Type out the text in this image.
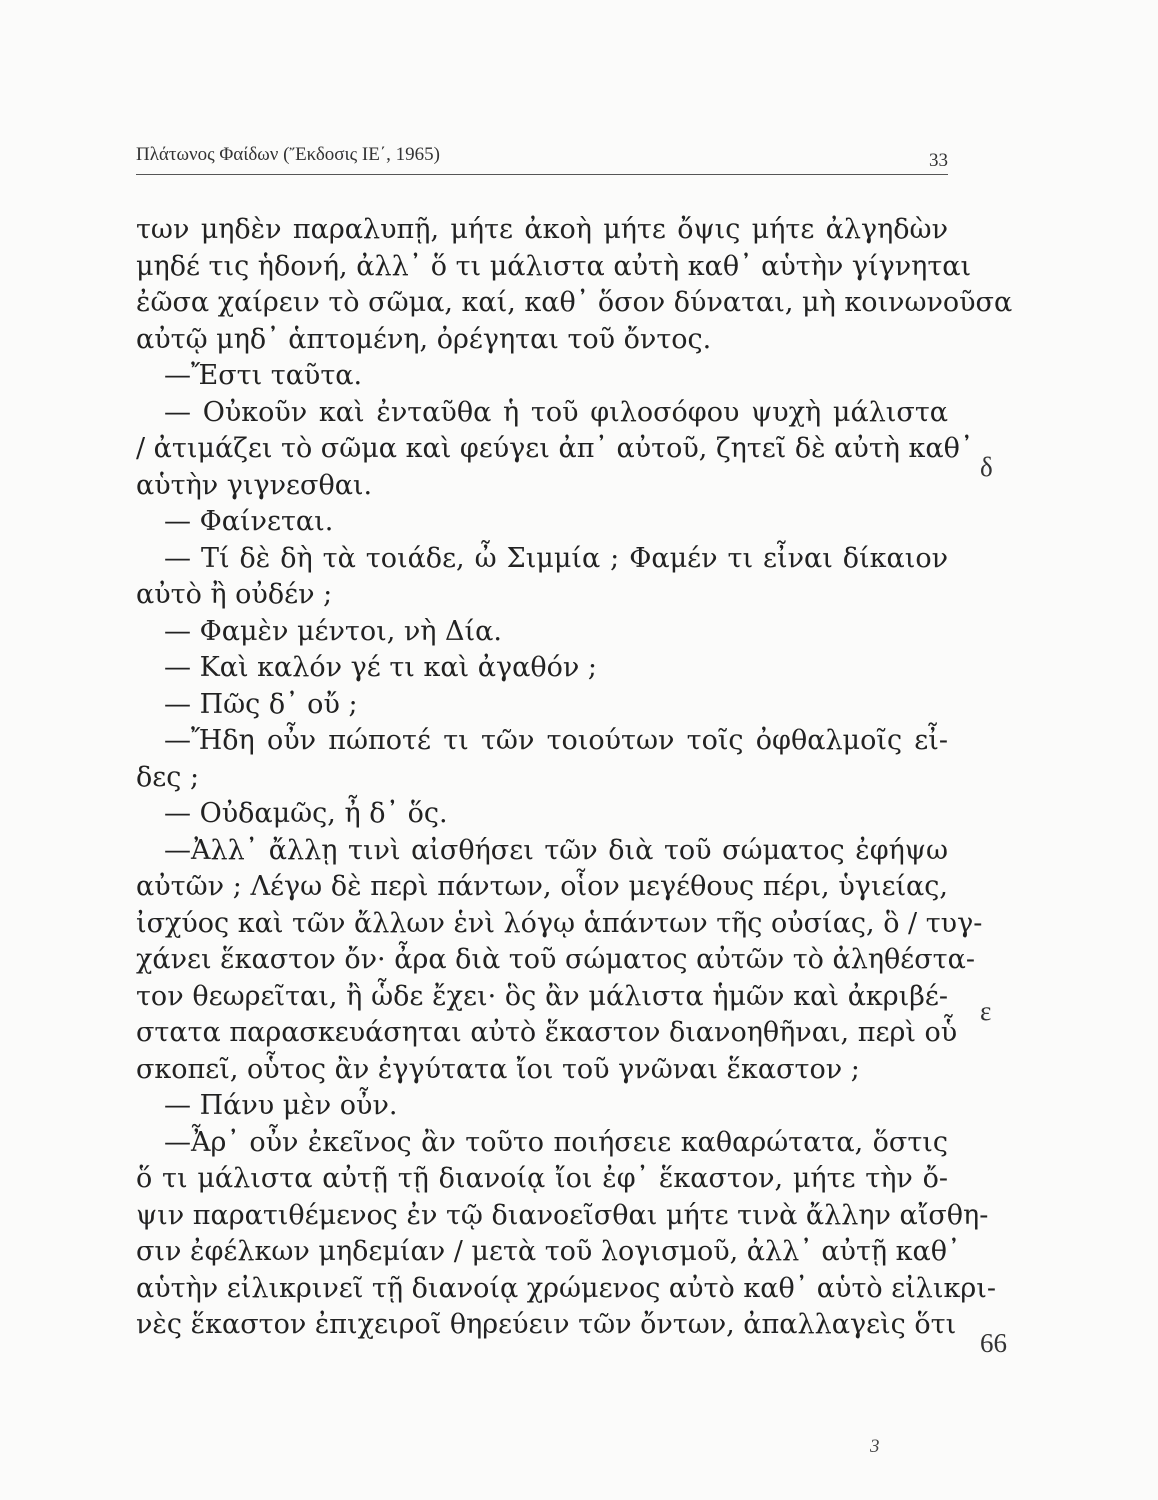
Πλάτωνος Φαίδων (Ἔκδοσις ΙΕ΄, 1965)	33
των μηδὲν παραλυπῇ, μήτε ἀκοὴ μήτε ὄψις μήτε ἀλγηδὼν
μηδέ τις ἡδονή, ἀλλ᾽ ὅ τι μάλιστα αὐτὴ καθ᾽ αὑτὴν γίγνηται
ἐῶσα χαίρειν τὸ σῶμα, καί, καθ᾽ ὅσον δύναται, μὴ κοινωνοῦσα
αὐτῷ μηδ᾽ ἁπτομένη, ὀρέγηται τοῦ ὄντος.
—Ἔστι ταῦτα.
— Οὐκοῦν καὶ ἐνταῦθα ἡ τοῦ φιλοσόφου ψυχὴ μάλιστα
/ ἀτιμάζει τὸ σῶμα καὶ φεύγει ἀπ᾽ αὐτοῦ, ζητεῖ δὲ αὐτὴ καθ᾽
αὑτὴν γιγνεσθαι.
— Φαίνεται.
— Τί δὲ δὴ τὰ τοιάδε, ὦ Σιμμία ; Φαμέν τι εἶναι δίκαιον
αὐτὸ ἢ οὐδέν ;
— Φαμὲν μέντοι, νὴ Δία.
— Καὶ καλόν γέ τι καὶ ἀγαθόν ;
— Πῶς δ᾽ οὔ ;
—Ἤδη οὖν πώποτέ τι τῶν τοιούτων τοῖς ὀφθαλμοῖς εἶ-
δες ;
— Οὐδαμῶς, ἦ δ᾽ ὅς.
—Ἀλλ᾽ ἄλλῃ τινὶ αἰσθήσει τῶν διὰ τοῦ σώματος ἐφήψω
αὐτῶν ; Λέγω δὲ περὶ πάντων, οἷον μεγέθους πέρι, ὑγιείας,
ἰσχύος καὶ τῶν ἄλλων ἑνὶ λόγῳ ἁπάντων τῆς οὐσίας, ὃ / τυγ-
χάνει ἕκαστον ὄν· ἆρα διὰ τοῦ σώματος αὐτῶν τὸ ἀληθέστα-
τον θεωρεῖται, ἢ ὧδε ἔχει· ὃς ἂν μάλιστα ἡμῶν καὶ ἀκριβέ-
στατα παρασκευάσηται αὐτὸ ἕκαστον διανοηθῆναι, περὶ οὗ
σκοπεῖ, οὗτος ἂν ἐγγύτατα ἴοι τοῦ γνῶναι ἕκαστον ;
— Πάνυ μὲν οὖν.
—Ἆρ᾽ οὖν ἐκεῖνος ἂν τοῦτο ποιήσειε καθαρώτατα, ὅστις
ὅ τι μάλιστα αὐτῇ τῇ διανοίᾳ ἴοι ἐφ᾽ ἕκαστον, μήτε τὴν ὄ-
ψιν παρατιθέμενος ἐν τῷ διανοεῖσθαι μήτε τινὰ ἄλλην αἴσθη-
σιν ἐφέλκων μηδεμίαν / μετὰ τοῦ λογισμοῦ, ἀλλ᾽ αὐτῇ καθ᾽
αὑτὴν εἰλικρινεῖ τῇ διανοίᾳ χρώμενος αὐτὸ καθ᾽ αὑτὸ εἰλικρι-
νὲς ἕκαστον ἐπιχειροῖ θηρεύειν τῶν ὄντων, ἀπαλλαγεὶς ὅτι
δ
ε
66
3
